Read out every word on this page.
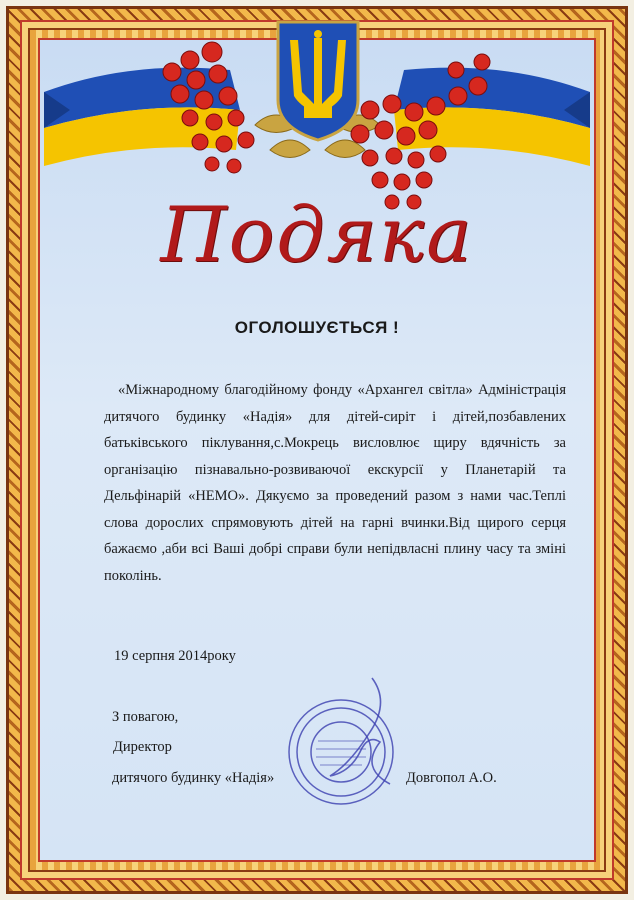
Подяка
ОГОЛОШУЄТЬСЯ !
«Міжнародному благодійному фонду «Архангел світла» Адміністрація дитячого будинку «Надія» для дітей-сиріт і дітей,позбавлених батьківського піклування,с.Мокрець висловлює щиру вдячність за організацію пізнавально-розвиваючої екскурсії у Планетарій та Дельфінарій «НЕМО». Дякуємо за проведений разом з нами час.Теплі слова дорослих спрямовують дітей на гарні вчинки.Від щирого серця бажаємо ,аби всі Ваші добрі справи були непідвласні плину часу та зміні поколінь.
19 серпня 2014року
З повагою,
Директор
дитячого будинку «Надія»	Довгопол А.О.
